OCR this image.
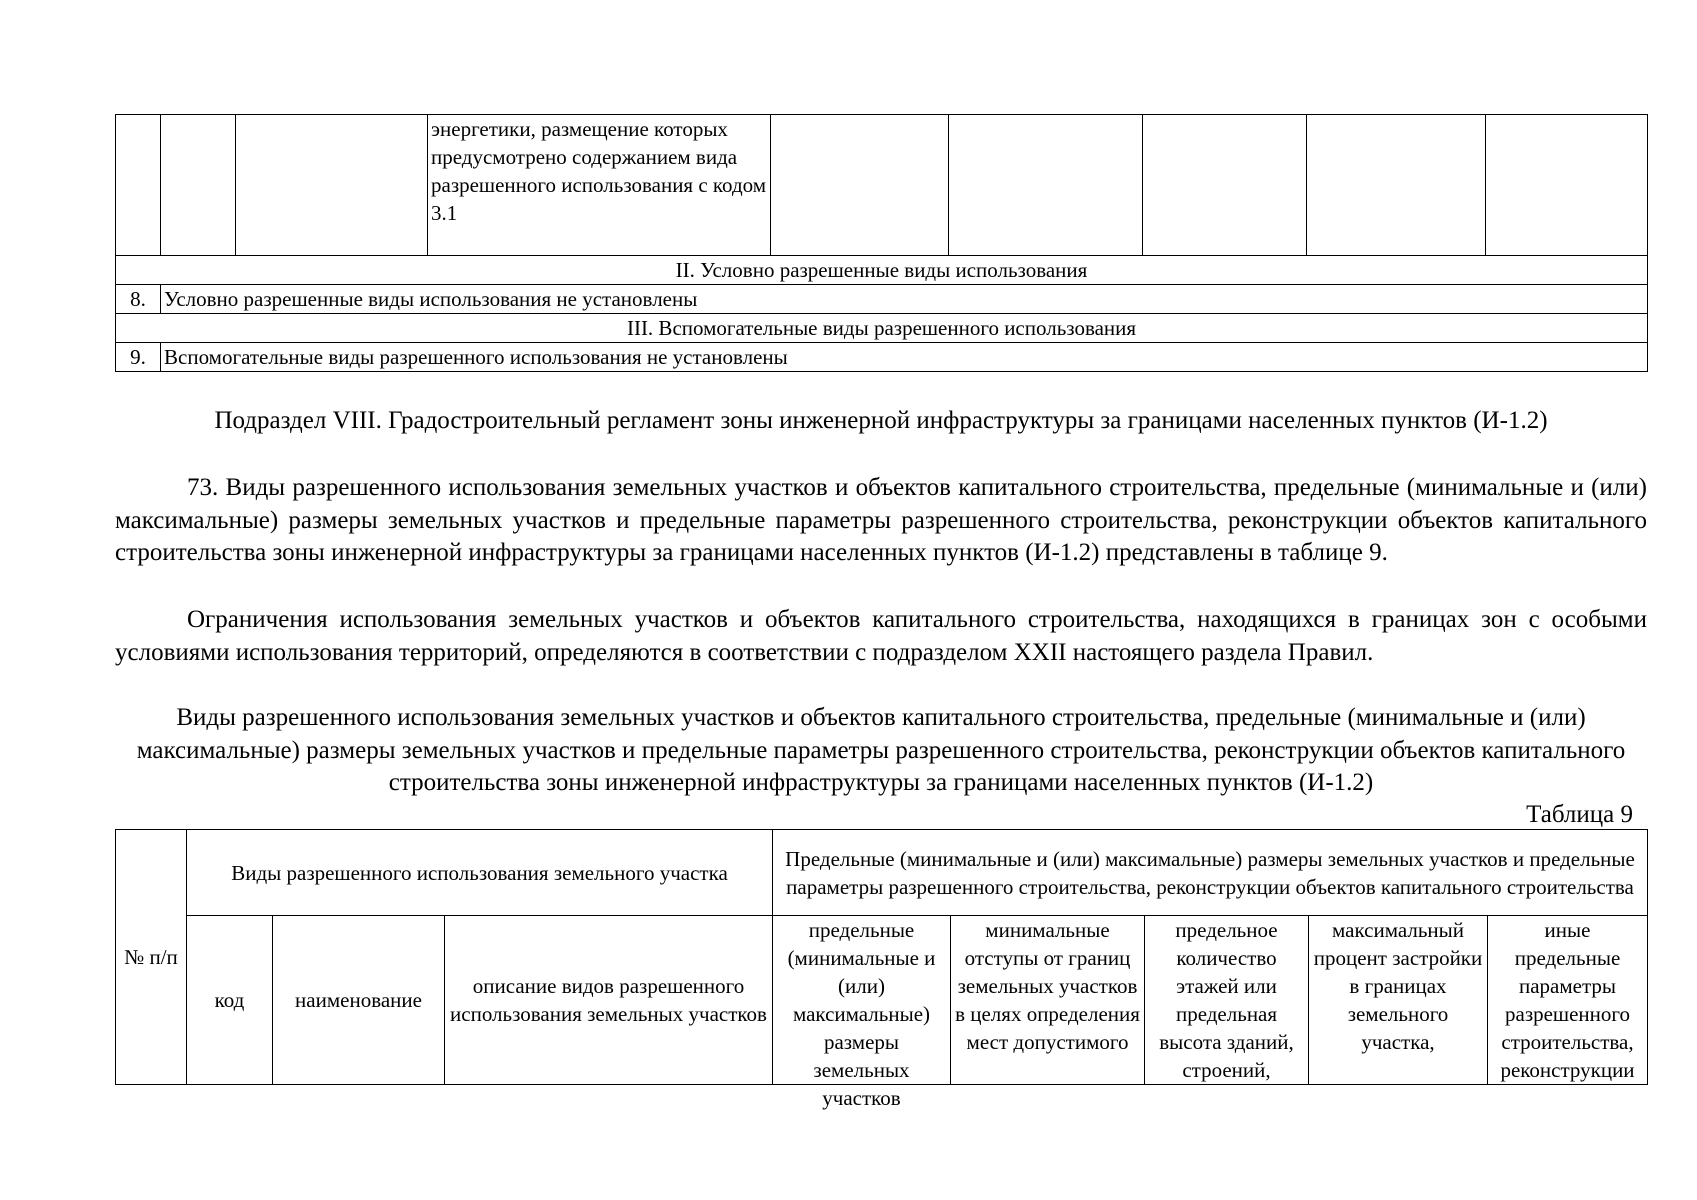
			энергетики, размещение которых предусмотрено содержанием вида разрешенного использования с кодом 3.1					
II. Условно разрешенные виды использования								
8.	Условно разрешенные виды использования не установлены							
III. Вспомогательные виды разрешенного использования								
9.	Вспомогательные виды разрешенного использования не установлены							
Подраздел VIII. Градостроительный регламент зоны инженерной инфраструктуры за границами населенных пунктов (И-1.2)
73. Виды разрешенного использования земельных участков и объектов капитального строительства, предельные (минимальные и (или) максимальные) размеры земельных участков и предельные параметры разрешенного строительства, реконструкции объектов капитального строительства зоны инженерной инфраструктуры за границами населенных пунктов (И-1.2) представлены в таблице 9.
Ограничения использования земельных участков и объектов капитального строительства, находящихся в границах зон с особыми условиями использования территорий, определяются в соответствии с подразделом XXII настоящего раздела Правил.
Виды разрешенного использования земельных участков и объектов капитального строительства, предельные (минимальные и (или) максимальные) размеры земельных участков и предельные параметры разрешенного строительства, реконструкции объектов капитального строительства зоны инженерной инфраструктуры за границами населенных пунктов (И-1.2)
Таблица 9
№ п/п	Виды разрешенного использования земельного участка			Предельные (минимальные и (или) максимальные) размеры земельных участков и предельные параметры разрешенного строительства, реконструкции объектов капитального строительства				
	код	наименование	описание видов разрешенного использования земельных участков	предельные (минимальные и (или) максимальные) размеры земельных участков	минимальные отступы от границ земельных участков в целях определения мест допустимого	предельное количество этажей или предельная высота зданий, строений,	максимальный процент застройки в границах земельного участка,	иные предельные параметры разрешенного строительства, реконструкции
